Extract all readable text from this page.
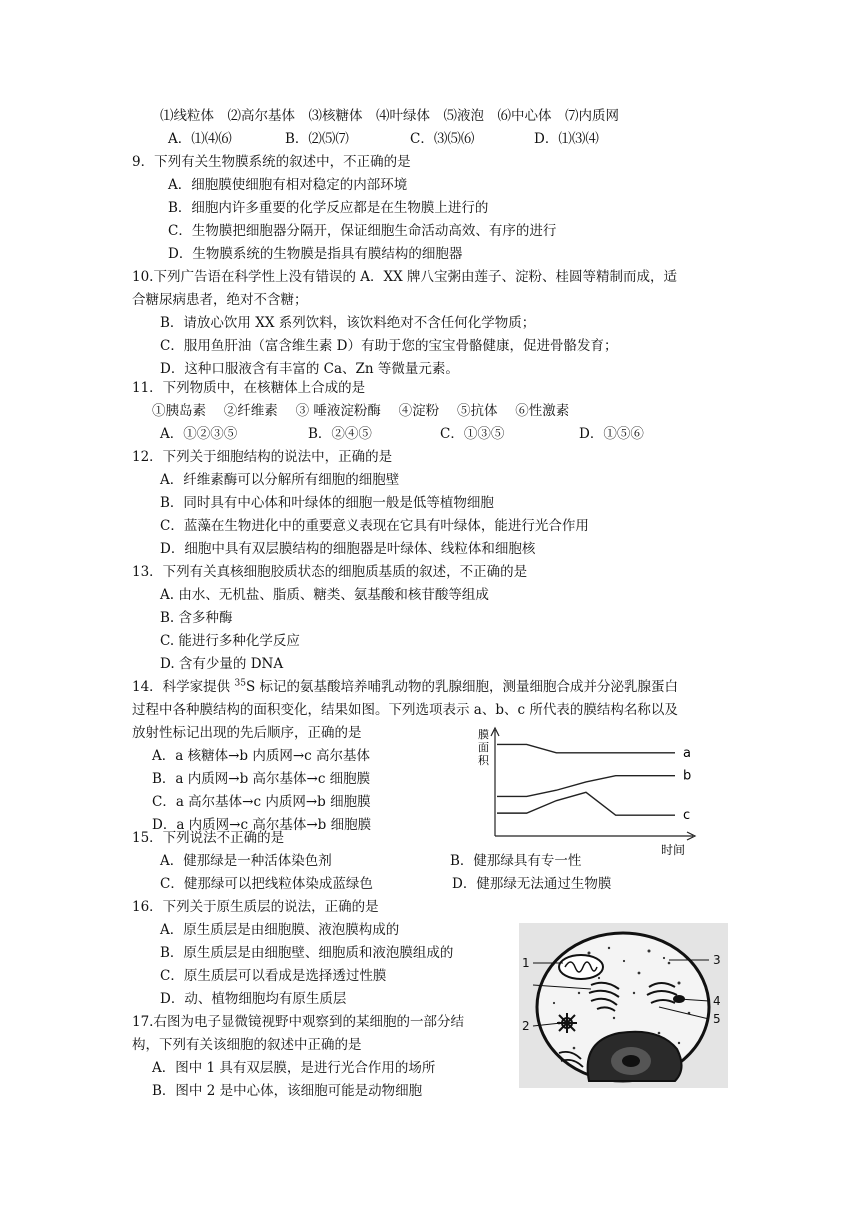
⑴线粒体　⑵高尔基体　⑶核糖体　⑷叶绿体　⑸液泡　⑹中心体　⑺内质网
A．⑴⑷⑹	B．⑵⑸⑺	C．⑶⑸⑹	D．⑴⑶⑷
9．下列有关生物膜系统的叙述中，不正确的是
A．细胞膜使细胞有相对稳定的内部环境
B．细胞内许多重要的化学反应都是在生物膜上进行的
C．生物膜把细胞器分隔开，保证细胞生命活动高效、有序的进行
D．生物膜系统的生物膜是指具有膜结构的细胞器
10.下列广告语在科学性上没有错误的 A．XX 牌八宝粥由莲子、淀粉、桂圆等精制而成，适
合糖尿病患者，绝对不含糖；
B．请放心饮用 XX 系列饮料，该饮料绝对不含任何化学物质；
C．服用鱼肝油（富含维生素 D）有助于您的宝宝骨骼健康，促进骨骼发育；
D．这种口服液含有丰富的 Ca、Zn 等微量元素。
11．下列物质中，在核糖体上合成的是
①胰岛素　 ②纤维素　 ③ 唾液淀粉酶　 ④淀粉　 ⑤抗体　 ⑥性激素
A．①②③⑤	B．②④⑤	C．①③⑤	D．①⑤⑥
12．下列关于细胞结构的说法中，正确的是
A．纤维素酶可以分解所有细胞的细胞壁
B．同时具有中心体和叶绿体的细胞一般是低等植物细胞
C．蓝藻在生物进化中的重要意义表现在它具有叶绿体，能进行光合作用
D．细胞中具有双层膜结构的细胞器是叶绿体、线粒体和细胞核
13．下列有关真核细胞胶质状态的细胞质基质的叙述，不正确的是
A. 由水、无机盐、脂质、糖类、氨基酸和核苷酸等组成
B. 含多种酶
C. 能进行多种化学反应
D. 含有少量的 DNA
14．科学家提供 $^{35}$S 标记的氨基酸培养哺乳动物的乳腺细胞，测量细胞合成并分泌乳腺蛋白
过程中各种膜结构的面积变化，结果如图。下列选项表示 a、b、c 所代表的膜结构名称以及
放射性标记出现的先后顺序，正确的是
A．a 核糖体→b 内质网→c 高尔基体
B．a 内质网→b 高尔基体→c 细胞膜
C．a 高尔基体→c 内质网→b 细胞膜
D．a 内质网→c 高尔基体→b 细胞膜
膜
面
积
时间
a
b
c
15．下列说法不正确的是
A．健那绿是一种活体染色剂	B．健那绿具有专一性
C．健那绿可以把线粒体染成蓝绿色	D．健那绿无法通过生物膜
16．下列关于原生质层的说法，正确的是
A．原生质层是由细胞膜、液泡膜构成的
B．原生质层是由细胞壁、细胞质和液泡膜组成的
C．原生质层可以看成是选择透过性膜
D．动、植物细胞均有原生质层
17.右图为电子显微镜视野中观察到的某细胞的一部分结
构，下列有关该细胞的叙述中正确的是
A．图中 1 具有双层膜，是进行光合作用的场所
B．图中 2 是中心体，该细胞可能是动物细胞
1
2
3
4
5
